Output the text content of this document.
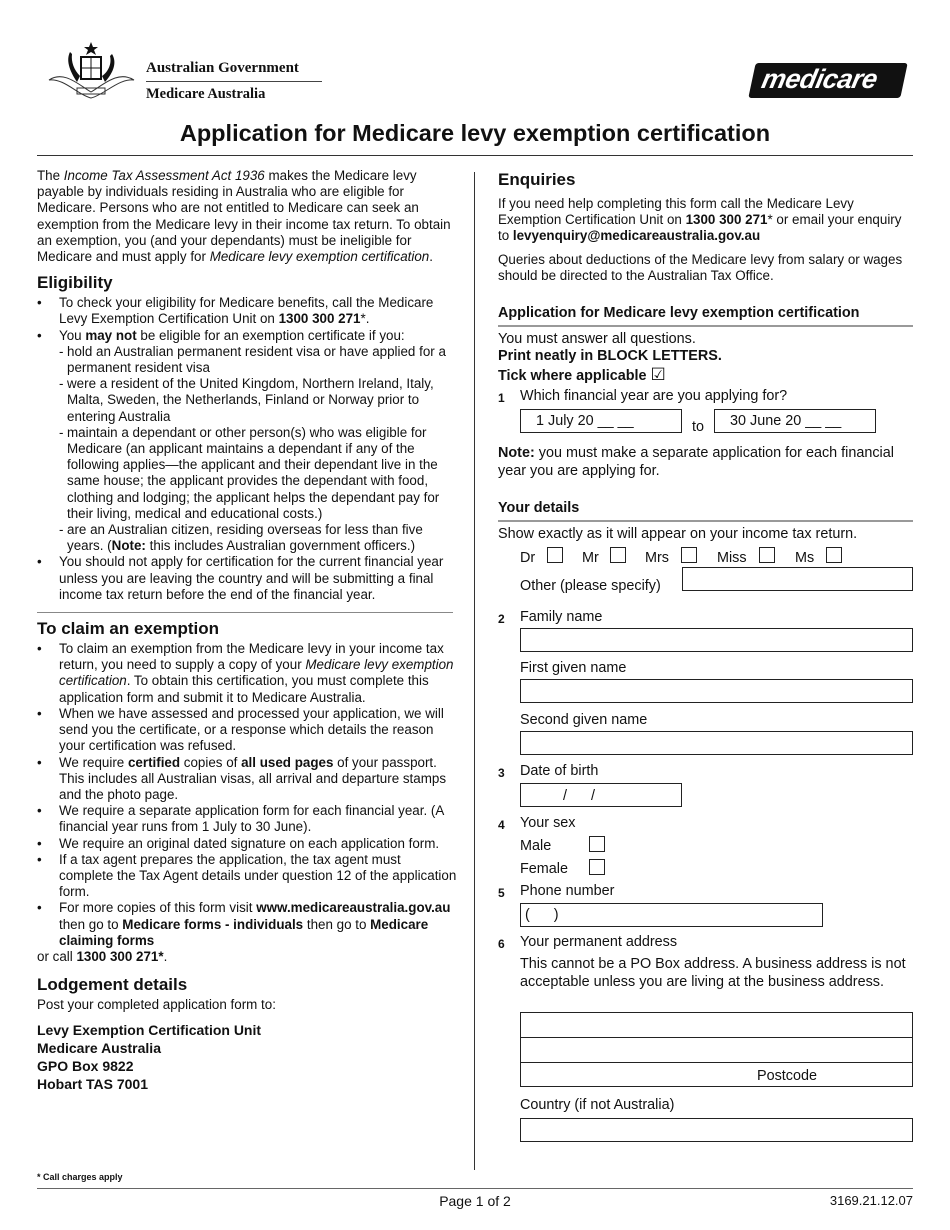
Australian Government
Medicare Australia	medicare
Application for Medicare levy exemption certification

The Income Tax Assessment Act 1936 makes the Medicare levy payable by individuals residing in Australia who are eligible for Medicare. Persons who are not entitled to Medicare can seek an exemption from the Medicare levy in their income tax return. To obtain an exemption, you (and your dependants) must be ineligible for Medicare and must apply for Medicare levy exemption certification.

Eligibility
• To check your eligibility for Medicare benefits, call the Medicare Levy Exemption Certification Unit on 1300 300 271*.
• You may not be eligible for an exemption certificate if you:
- hold an Australian permanent resident visa or have applied for a permanent resident visa
- were a resident of the United Kingdom, Northern Ireland, Italy, Malta, Sweden, the Netherlands, Finland or Norway prior to entering Australia
- maintain a dependant or other person(s) who was eligible for Medicare (an applicant maintains a dependant if any of the following applies—the applicant and their dependant live in the same house; the applicant provides the dependant with food, clothing and lodging; the applicant helps the dependant pay for their living, medical and educational costs.)
- are an Australian citizen, residing overseas for less than five years. (Note: this includes Australian government officers.)
• You should not apply for certification for the current financial year unless you are leaving the country and will be submitting a final income tax return before the end of the financial year.
To claim an exemption
• To claim an exemption from the Medicare levy in your income tax return, you need to supply a copy of your Medicare levy exemption certification. To obtain this certification, you must complete this application form and submit it to Medicare Australia.
• When we have assessed and processed your application, we will send you the certificate, or a response which details the reason your certification was refused.
• We require certified copies of all used pages of your passport. This includes all Australian visas, all arrival and departure stamps and the photo page.
• We require a separate application form for each financial year. (A financial year runs from 1 July to 30 June).
• We require an original dated signature on each application form.
• If a tax agent prepares the application, the tax agent must complete the Tax Agent details under question 12 of the application form.
• For more copies of this form visit www.medicareaustralia.gov.au then go to Medicare forms - individuals then go to Medicare claiming forms

or call 1300 300 271*.

Lodgement details

Post your completed application form to:

Levy Exemption Certification Unit
Medicare Australia
GPO Box 9822
Hobart TAS 7001
* Call charges apply
Enquiries

If you need help completing this form call the Medicare Levy Exemption Certification Unit on 1300 300 271* or email your enquiry to levyenquiry@medicareaustralia.gov.au

Queries about deductions of the Medicare levy from salary or wages should be directed to the Australian Tax Office.

Application for Medicare levy exemption certification
You must answer all questions.
Print neatly in BLOCK LETTERS.
Tick where applicable ☑
1 Which financial year are you applying for?
1 July 20 __ __	to	30 June 20 __ __

Note: you must make a separate application for each financial year you are applying for.

Your details
Show exactly as it will appear on your income tax return.
Dr	Mr	Mrs	Miss	Ms
Other (please specify)
2 Family name
First given name
Second given name
3 Date of birth
/      /
4 Your sex
Male
Female
5 Phone number
(      )
6 Your permanent address

This cannot be a PO Box address. A business address is not acceptable unless you are living at the business address.

Postcode
Country (if not Australia)
Page 1 of 2	3169.21.12.07
